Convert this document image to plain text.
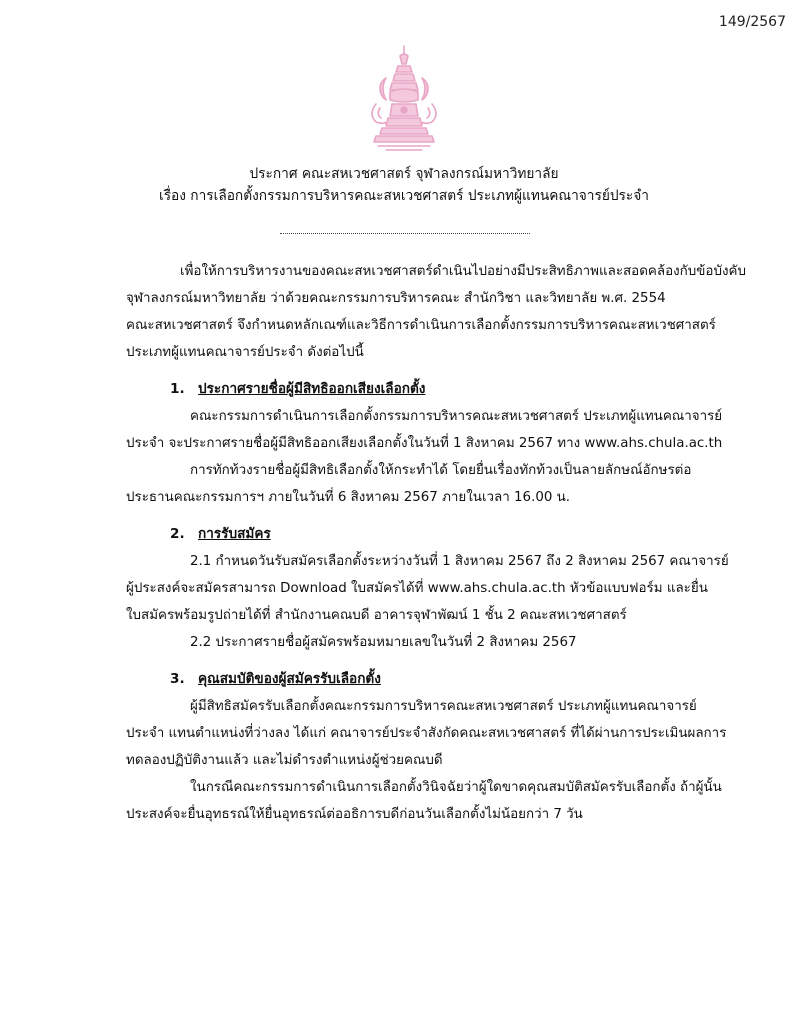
149/2567
ประกาศ คณะสหเวชศาสตร์ จุฬาลงกรณ์มหาวิทยาลัย
เรื่อง การเลือกตั้งกรรมการบริหารคณะสหเวชศาสตร์ ประเภทผู้แทนคณาจารย์ประจำ
เพื่อให้การบริหารงานของคณะสหเวชศาสตร์ดำเนินไปอย่างมีประสิทธิภาพและสอดคล้องกับข้อบังคับ
จุฬาลงกรณ์มหาวิทยาลัย ว่าด้วยคณะกรรมการบริหารคณะ สำนักวิชา และวิทยาลัย พ.ศ. 2554
คณะสหเวชศาสตร์ จึงกำหนดหลักเณฑ์และวิธีการดำเนินการเลือกตั้งกรรมการบริหารคณะสหเวชศาสตร์
ประเภทผู้แทนคณาจารย์ประจำ ดังต่อไปนี้
1. ประกาศรายชื่อผู้มีสิทธิออกเสียงเลือกตั้ง
คณะกรรมการดำเนินการเลือกตั้งกรรมการบริหารคณะสหเวชศาสตร์ ประเภทผู้แทนคณาจารย์
ประจำ จะประกาศรายชื่อผู้มีสิทธิออกเสียงเลือกตั้งในวันที่ 1 สิงหาคม 2567 ทาง www.ahs.chula.ac.th
การทักท้วงรายชื่อผู้มีสิทธิเลือกตั้งให้กระทำได้ โดยยื่นเรื่องทักท้วงเป็นลายลักษณ์อักษรต่อ
ประธานคณะกรรมการฯ ภายในวันที่ 6 สิงหาคม 2567 ภายในเวลา 16.00 น.
2. การรับสมัคร
2.1 กำหนดวันรับสมัครเลือกตั้งระหว่างวันที่ 1 สิงหาคม 2567 ถึง 2 สิงหาคม 2567 คณาจารย์
ผู้ประสงค์จะสมัครสามารถ Download ใบสมัครได้ที่ www.ahs.chula.ac.th หัวข้อแบบฟอร์ม และยื่น
ใบสมัครพร้อมรูปถ่ายได้ที่ สำนักงานคณบดี อาคารจุฬาพัฒน์ 1 ชั้น 2 คณะสหเวชศาสตร์
2.2 ประกาศรายชื่อผู้สมัครพร้อมหมายเลขในวันที่ 2 สิงหาคม 2567
3. คุณสมบัติของผู้สมัครรับเลือกตั้ง
ผู้มีสิทธิสมัครรับเลือกตั้งคณะกรรมการบริหารคณะสหเวชศาสตร์ ประเภทผู้แทนคณาจารย์
ประจำ แทนตำแหน่งที่ว่างลง ได้แก่ คณาจารย์ประจำสังกัดคณะสหเวชศาสตร์ ที่ได้ผ่านการประเมินผลการ
ทดลองปฏิบัติงานแล้ว และไม่ดำรงตำแหน่งผู้ช่วยคณบดี
ในกรณีคณะกรรมการดำเนินการเลือกตั้งวินิจฉัยว่าผู้ใดขาดคุณสมบัติสมัครรับเลือกตั้ง ถ้าผู้นั้น
ประสงค์จะยื่นอุทธรณ์ให้ยื่นอุทธรณ์ต่ออธิการบดีก่อนวันเลือกตั้งไม่น้อยกว่า 7 วัน
